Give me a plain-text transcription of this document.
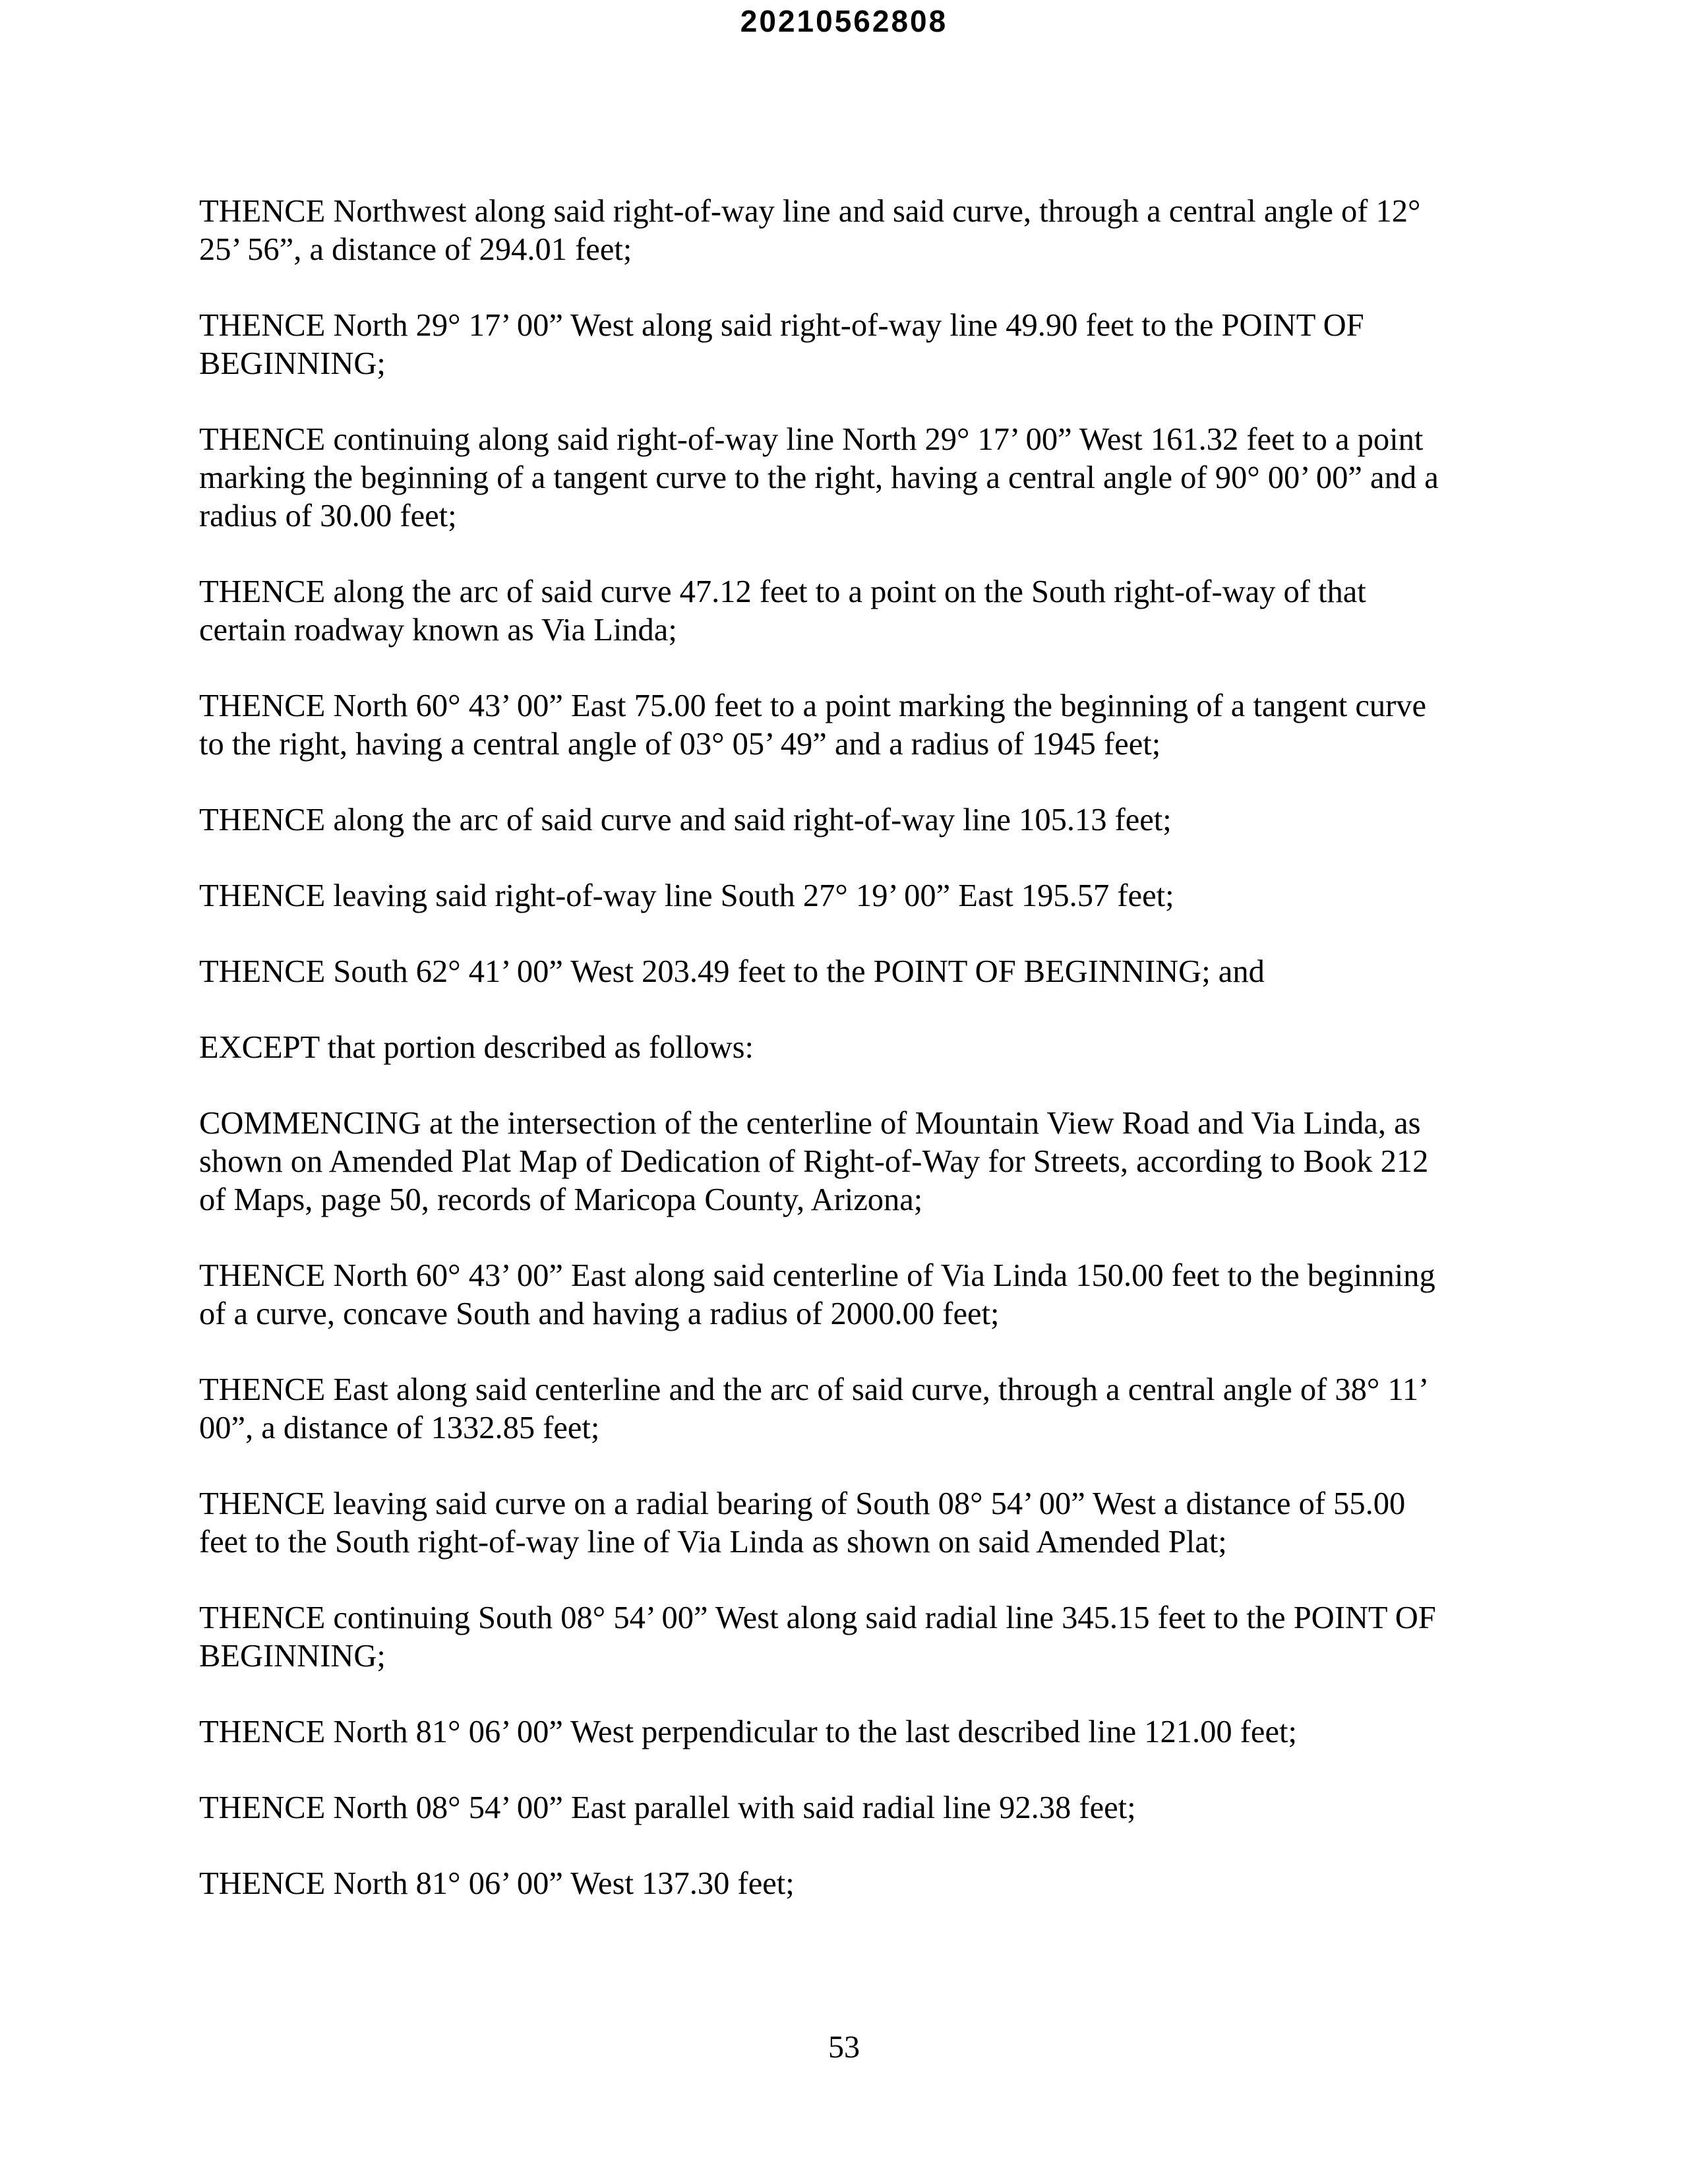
20210562808

THENCE Northwest along said right-of-way line and said curve, through a central angle of 12°
25’ 56”, a distance of 294.01 feet;

THENCE North 29° 17’ 00” West along said right-of-way line 49.90 feet to the POINT OF
BEGINNING;

THENCE continuing along said right-of-way line North 29° 17’ 00” West 161.32 feet to a point
marking the beginning of a tangent curve to the right, having a central angle of 90° 00’ 00” and a
radius of 30.00 feet;

THENCE along the arc of said curve 47.12 feet to a point on the South right-of-way of that
certain roadway known as Via Linda;

THENCE North 60° 43’ 00” East 75.00 feet to a point marking the beginning of a tangent curve
to the right, having a central angle of 03° 05’ 49” and a radius of 1945 feet;

THENCE along the arc of said curve and said right-of-way line 105.13 feet;

THENCE leaving said right-of-way line South 27° 19’ 00” East 195.57 feet;

THENCE South 62° 41’ 00” West 203.49 feet to the POINT OF BEGINNING; and

EXCEPT that portion described as follows:

COMMENCING at the intersection of the centerline of Mountain View Road and Via Linda, as
shown on Amended Plat Map of Dedication of Right-of-Way for Streets, according to Book 212
of Maps, page 50, records of Maricopa County, Arizona;

THENCE North 60° 43’ 00” East along said centerline of Via Linda 150.00 feet to the beginning
of a curve, concave South and having a radius of 2000.00 feet;

THENCE East along said centerline and the arc of said curve, through a central angle of 38° 11’
00”, a distance of 1332.85 feet;

THENCE leaving said curve on a radial bearing of South 08° 54’ 00” West a distance of 55.00
feet to the South right-of-way line of Via Linda as shown on said Amended Plat;

THENCE continuing South 08° 54’ 00” West along said radial line 345.15 feet to the POINT OF
BEGINNING;

THENCE North 81° 06’ 00” West perpendicular to the last described line 121.00 feet;

THENCE North 08° 54’ 00” East parallel with said radial line 92.38 feet;

THENCE North 81° 06’ 00” West 137.30 feet;

53
